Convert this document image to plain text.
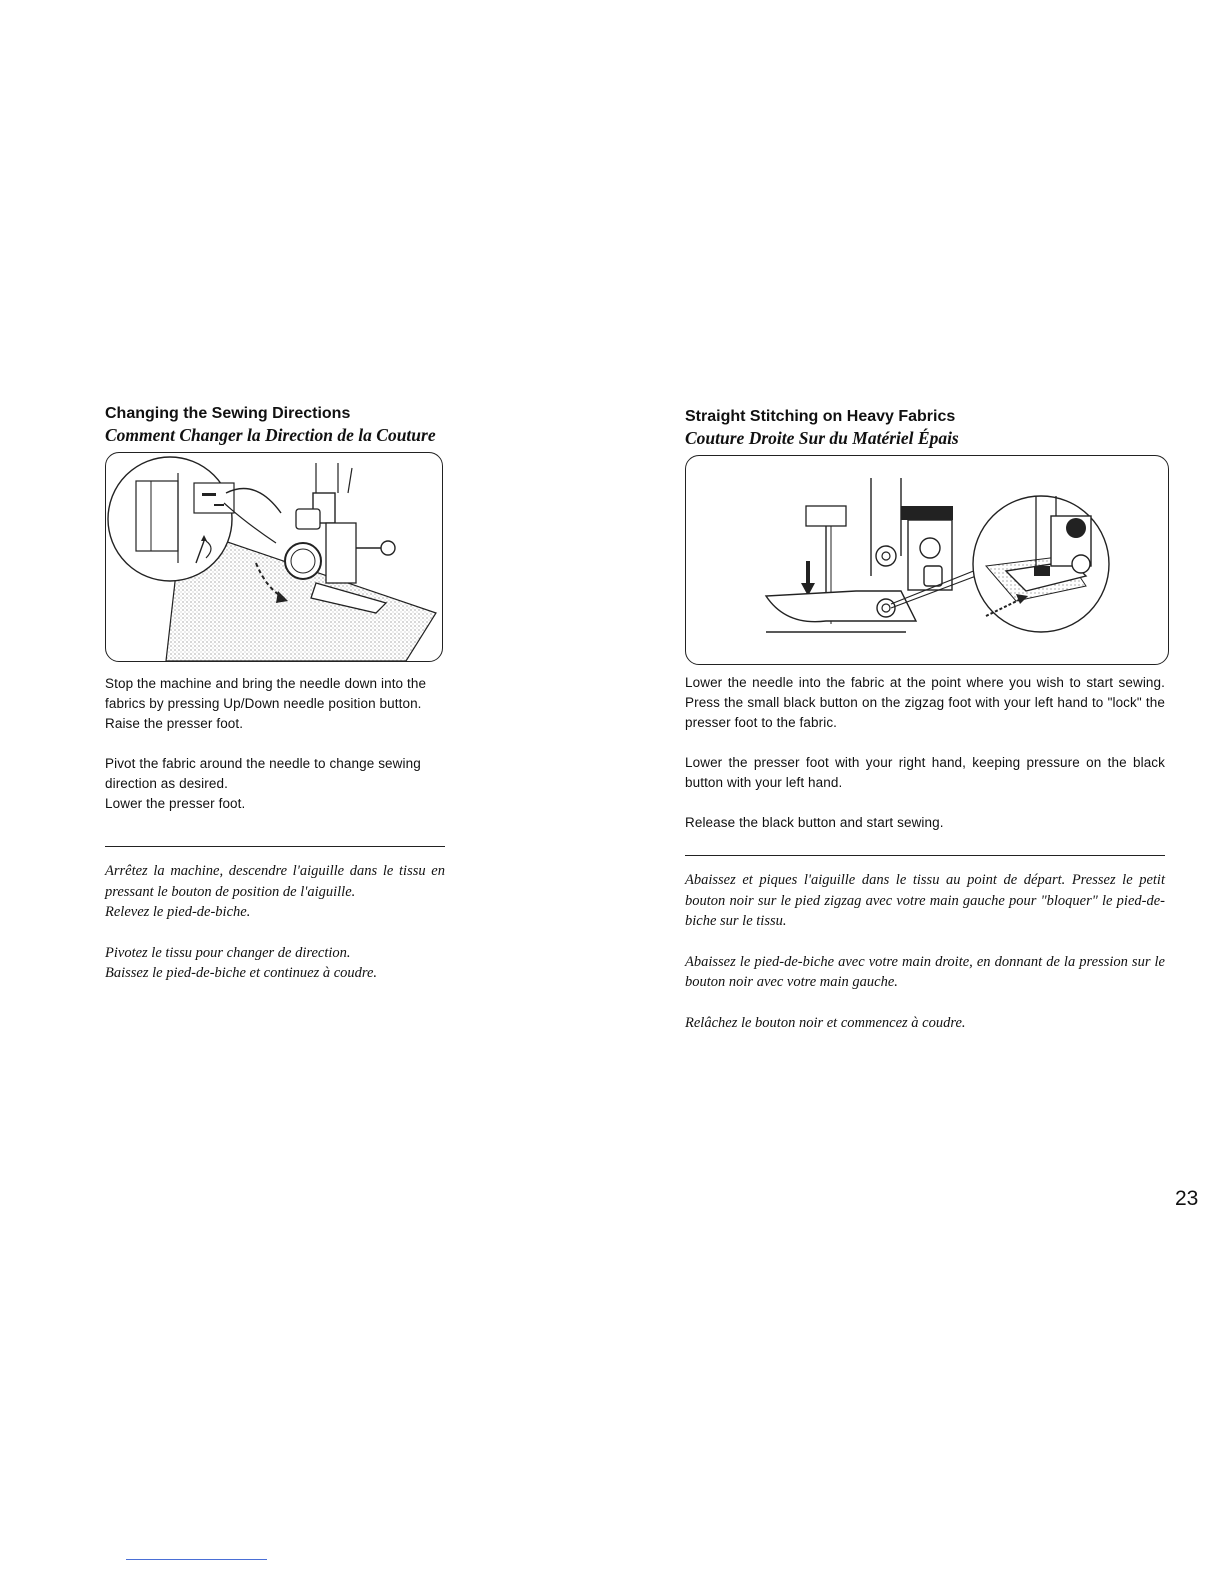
Changing the Sewing Directions
Comment Changer la Direction de la Couture

Stop the machine and bring the needle down into the fabrics by pressing Up/Down needle position button.

Raise the presser foot.

Pivot the fabric around the needle to change sewing direction as desired.

Lower the presser foot.

Arrêtez la machine, descendre l'aiguille dans le tissu en pressant le bouton de position de l'aiguille.

Relevez le pied-de-biche.

Pivotez le tissu pour changer de direction.

Baissez le pied-de-biche et continuez à coudre.

Straight Stitching on Heavy Fabrics
Couture Droite Sur du Matériel Épais

Lower the needle into the fabric at the point where you wish to start sewing. Press the small black button on the zigzag foot with your left hand to "lock" the presser foot to the fabric.

Lower the presser foot with your right hand, keeping pressure on the black button with your left hand.

Release the black button and start sewing.

Abaissez et piques l'aiguille dans le tissu au point de départ. Pressez le petit bouton noir sur le pied zigzag avec votre main gauche pour "bloquer" le pied-de-biche sur le tissu.

Abaissez le pied-de-biche avec votre main droite, en donnant de la pression sur le bouton noir avec votre main gauche.

Relâchez le bouton noir et commencez à coudre.

23
